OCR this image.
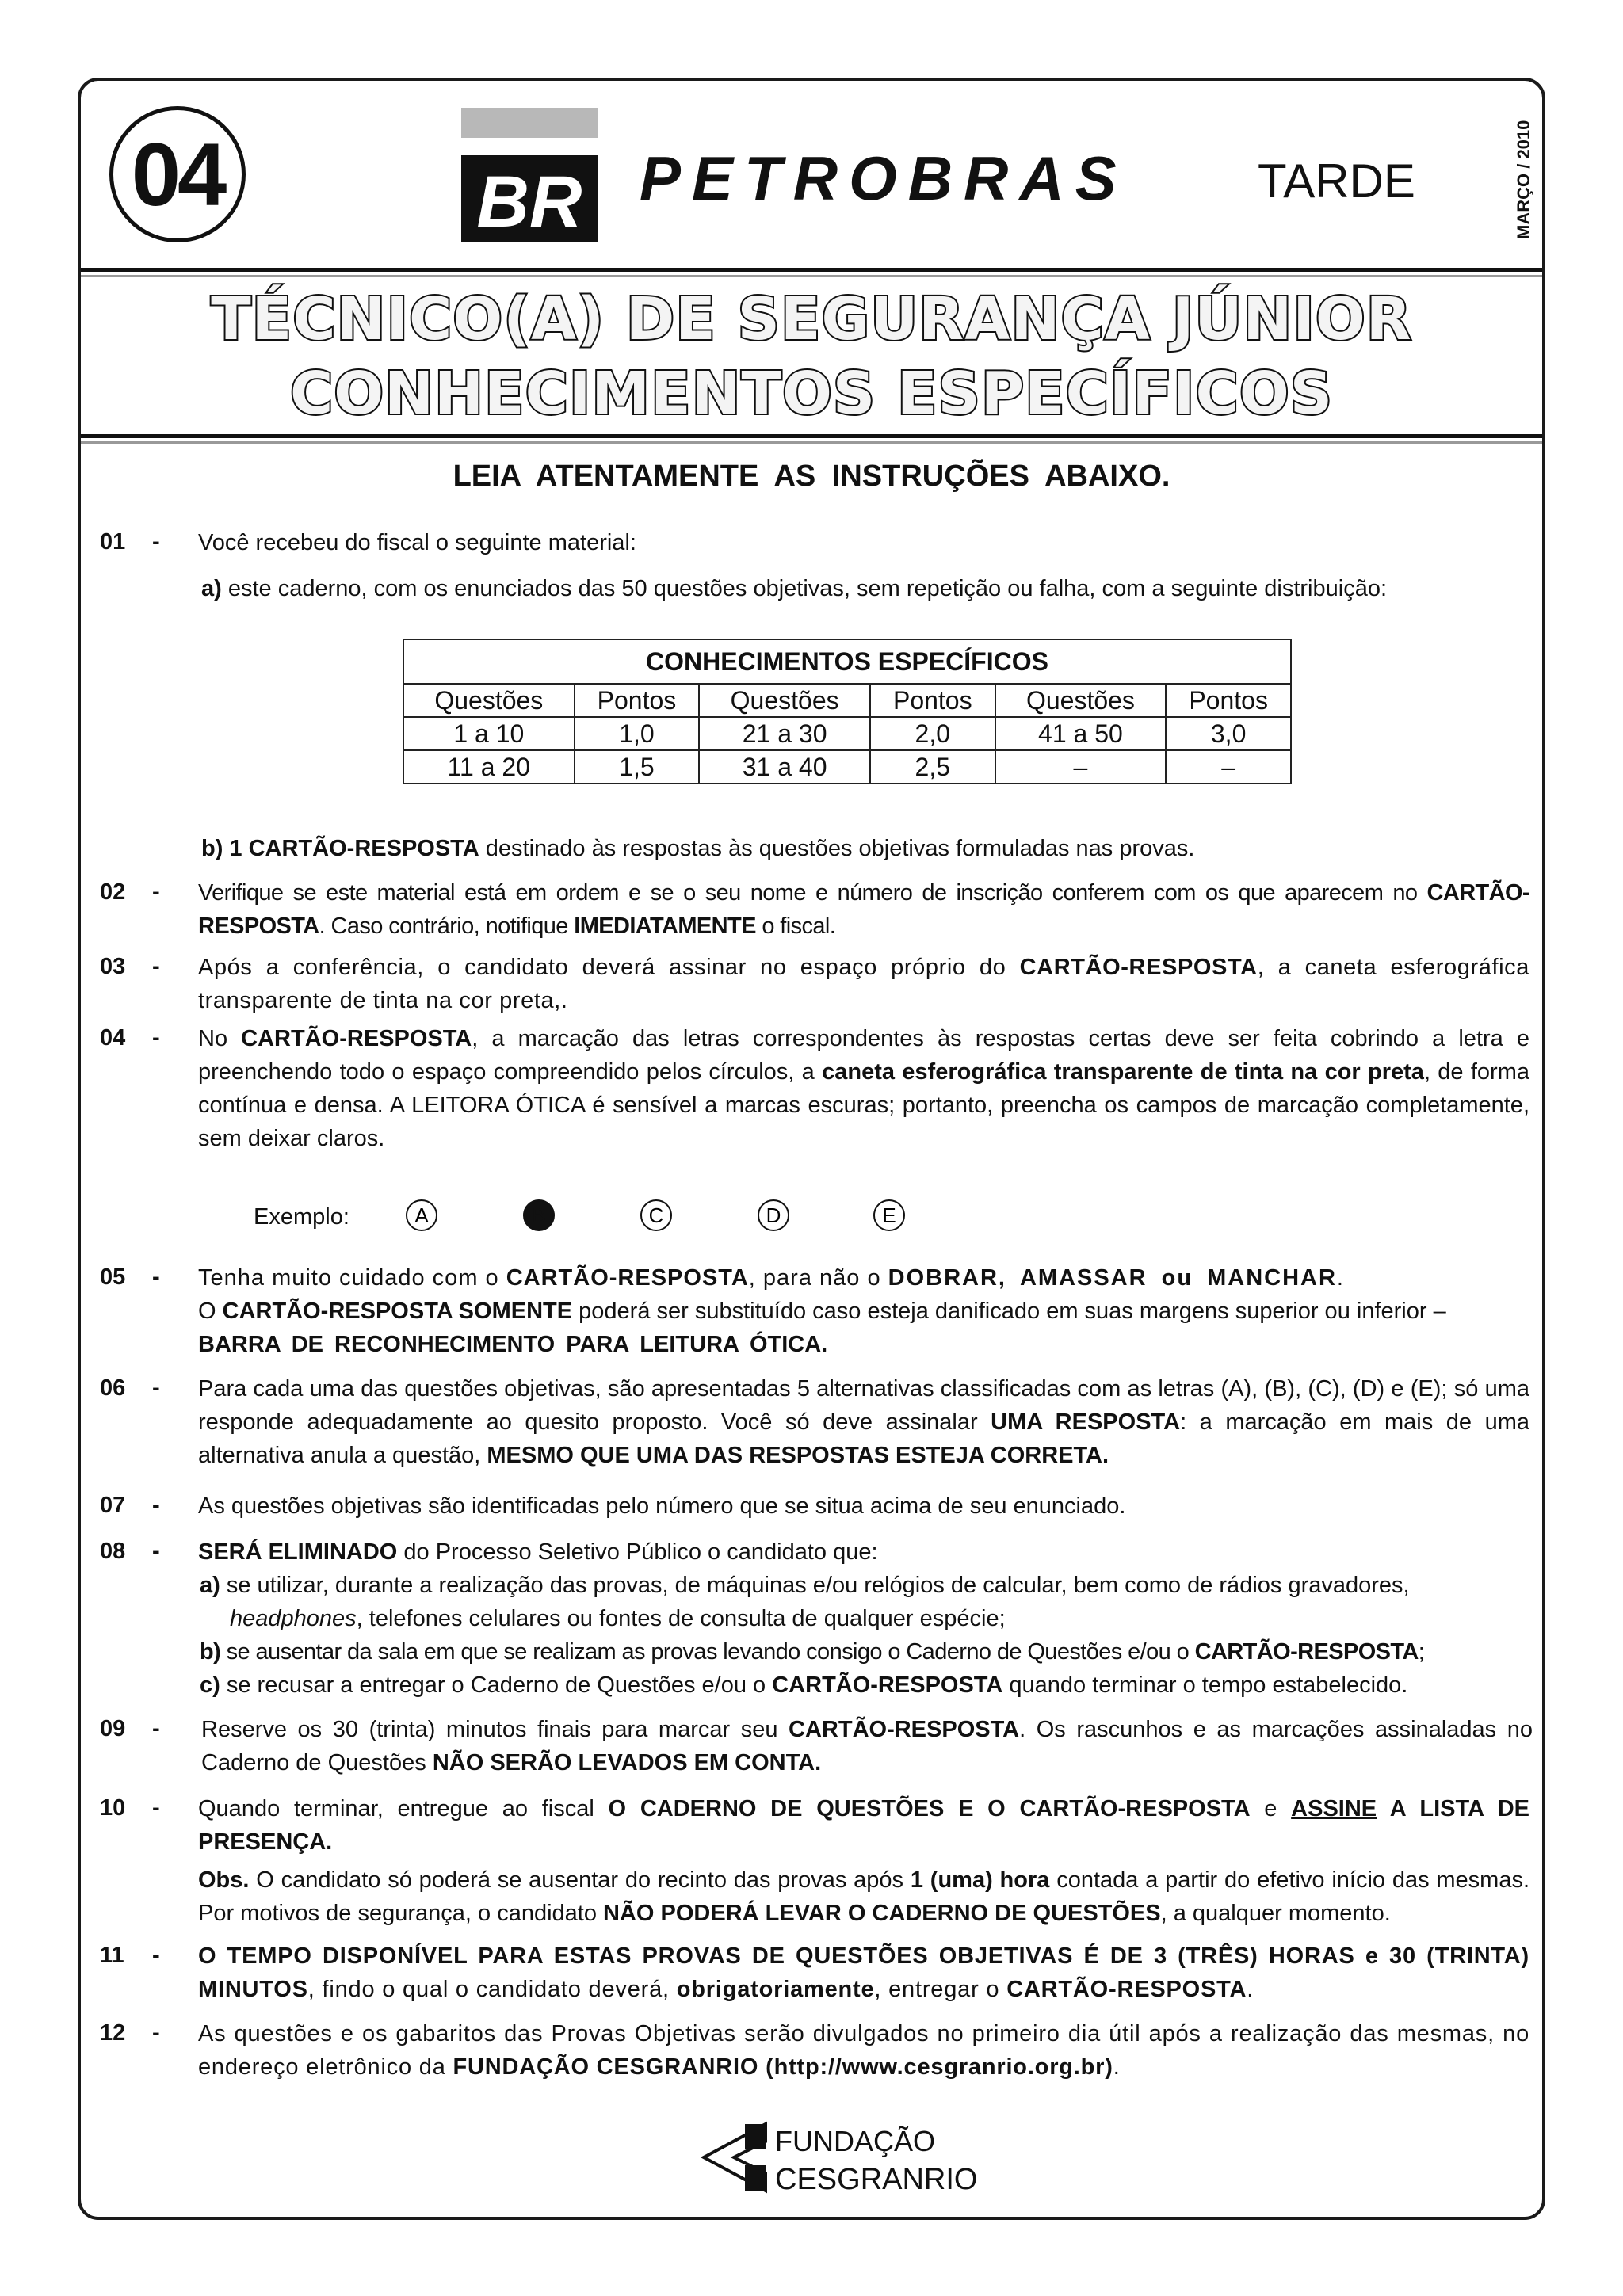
04	BR PETROBRAS	TARDE	MARÇO / 2010
TÉCNICO(A) DE SEGURANÇA JÚNIOR
CONHECIMENTOS ESPECÍFICOS
LEIA ATENTAMENTE AS INSTRUÇÕES ABAIXO.
01 - Você recebeu do fiscal o seguinte material:
a) este caderno, com os enunciados das 50 questões objetivas, sem repetição ou falha, com a seguinte distribuição:
CONHECIMENTOS ESPECÍFICOS					
Questões	Pontos	Questões	Pontos	Questões	Pontos
1 a 10	1,0	21 a 30	2,0	41 a 50	3,0
11 a 20	1,5	31 a 40	2,5	–	–
b) 1 CARTÃO-RESPOSTA destinado às respostas às questões objetivas formuladas nas provas.
02 - Verifique se este material está em ordem e se o seu nome e número de inscrição conferem com os que aparecem no CARTÃO-RESPOSTA. Caso contrário, notifique IMEDIATAMENTE o fiscal.
03 - Após a conferência, o candidato deverá assinar no espaço próprio do CARTÃO-RESPOSTA, a caneta esferográfica transparente de tinta na cor preta,.
04 - No CARTÃO-RESPOSTA, a marcação das letras correspondentes às respostas certas deve ser feita cobrindo a letra e preenchendo todo o espaço compreendido pelos círculos, a caneta esferográfica transparente de tinta na cor preta, de forma contínua e densa. A LEITORA ÓTICA é sensível a marcas escuras; portanto, preencha os campos de marcação completamente, sem deixar claros.
Exemplo:	A	B	C	D	E
05 - Tenha muito cuidado com o CARTÃO-RESPOSTA, para não o DOBRAR, AMASSAR ou MANCHAR.
O CARTÃO-RESPOSTA SOMENTE poderá ser substituído caso esteja danificado em suas margens superior ou inferior –
BARRA DE RECONHECIMENTO PARA LEITURA ÓTICA.
06 - Para cada uma das questões objetivas, são apresentadas 5 alternativas classificadas com as letras (A), (B), (C), (D) e (E); só uma responde adequadamente ao quesito proposto. Você só deve assinalar UMA RESPOSTA: a marcação em mais de uma alternativa anula a questão, MESMO QUE UMA DAS RESPOSTAS ESTEJA CORRETA.
07 - As questões objetivas são identificadas pelo número que se situa acima de seu enunciado.
08 - SERÁ ELIMINADO do Processo Seletivo Público o candidato que:
a) se utilizar, durante a realização das provas, de máquinas e/ou relógios de calcular, bem como de rádios gravadores,
headphones, telefones celulares ou fontes de consulta de qualquer espécie;
b) se ausentar da sala em que se realizam as provas levando consigo o Caderno de Questões e/ou o CARTÃO-RESPOSTA;
c) se recusar a entregar o Caderno de Questões e/ou o CARTÃO-RESPOSTA quando terminar o tempo estabelecido.
09 - Reserve os 30 (trinta) minutos finais para marcar seu CARTÃO-RESPOSTA. Os rascunhos e as marcações assinaladas no Caderno de Questões NÃO SERÃO LEVADOS EM CONTA.
10 - Quando terminar, entregue ao fiscal O CADERNO DE QUESTÕES E O CARTÃO-RESPOSTA e ASSINE A LISTA DE PRESENÇA.
Obs. O candidato só poderá se ausentar do recinto das provas após 1 (uma) hora contada a partir do efetivo início das mesmas. Por motivos de segurança, o candidato NÃO PODERÁ LEVAR O CADERNO DE QUESTÕES, a qualquer momento.
11 - O TEMPO DISPONÍVEL PARA ESTAS PROVAS DE QUESTÕES OBJETIVAS É DE 3 (TRÊS) HORAS e 30 (TRINTA) MINUTOS, findo o qual o candidato deverá, obrigatoriamente, entregar o CARTÃO-RESPOSTA.
12 - As questões e os gabaritos das Provas Objetivas serão divulgados no primeiro dia útil após a realização das mesmas, no endereço eletrônico da FUNDAÇÃO CESGRANRIO (http://www.cesgranrio.org.br).
FUNDAÇÃO
CESGRANRIO
